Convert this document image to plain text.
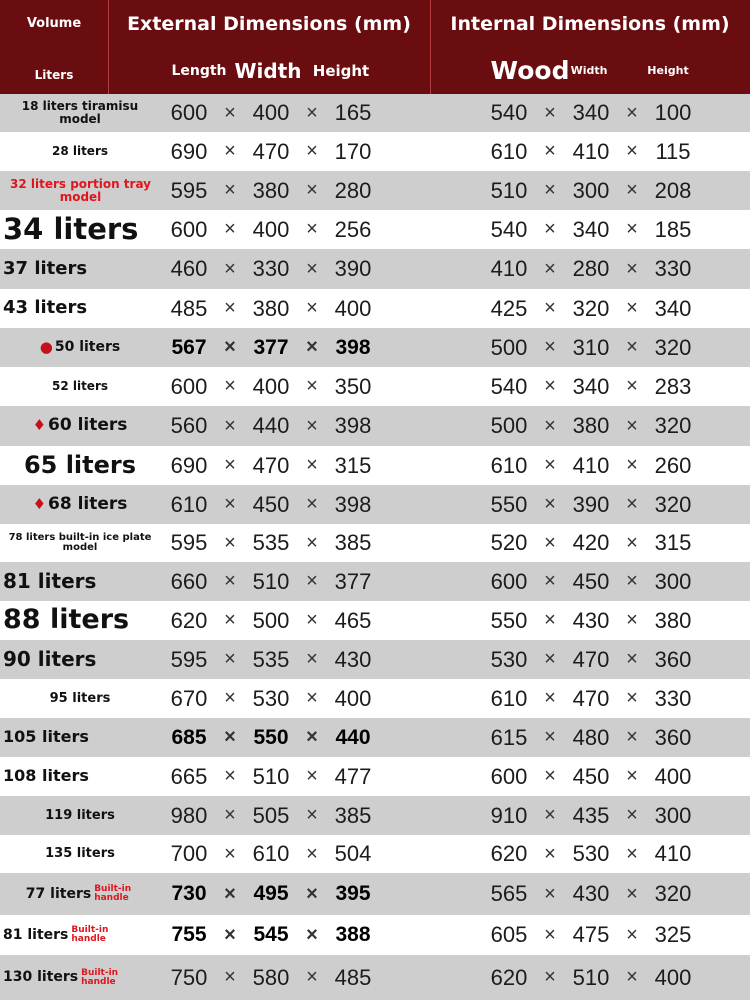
Volume	External Dimensions (mm)	Internal Dimensions (mm)
Liters	Length Width Height	Wood Width	Height
18 liters tiramisu model	600 × 400 × 165	540 × 340 × 100
28 liters	690 × 470 × 170	610 × 410 × 115
32 liters portion tray model	595 × 380 × 280	510 × 300 × 208
34 liters 600 × 400 × 256	540 × 340 × 185
37 liters	460 × 330 × 390	410 × 280 × 330
43 liters	485 × 380 × 400	425 × 320 × 340
● 50 liters 567 × 377 × 398	500 × 310 × 320
52 liters	600 × 400 × 350	540 × 340 × 283
♦ 60 liters 560 × 440 × 398	500 × 380 × 320
65 liters 690 × 470 × 315	610 × 410 × 260
♦ 68 liters 610 × 450 × 398	550 × 390 × 320
78 liters built-in ice plate model	595 × 535 × 385	520 × 420 × 315
81 liters	660 × 510 × 377	600 × 450 × 300
88 liters 620 × 500 × 465	550 × 430 × 380
90 liters	595 × 535 × 430	530 × 470 × 360
95 liters	670 × 530 × 400	610 × 470 × 330
105 liters	685 × 550 × 440	615 × 480 × 360
108 liters	665 × 510 × 477	600 × 450 × 400
119 liters	980 × 505 × 385	910 × 435 × 300
135 liters	700 × 610 × 504	620 × 530 × 410
77 liters Built-in handle 730 × 495 × 395	565 × 430 × 320
81 liters Built-in handle	755 × 545 × 388	605 × 475 × 325
130 liters Built-in handle 750 × 580 × 485	620 × 510 × 400
